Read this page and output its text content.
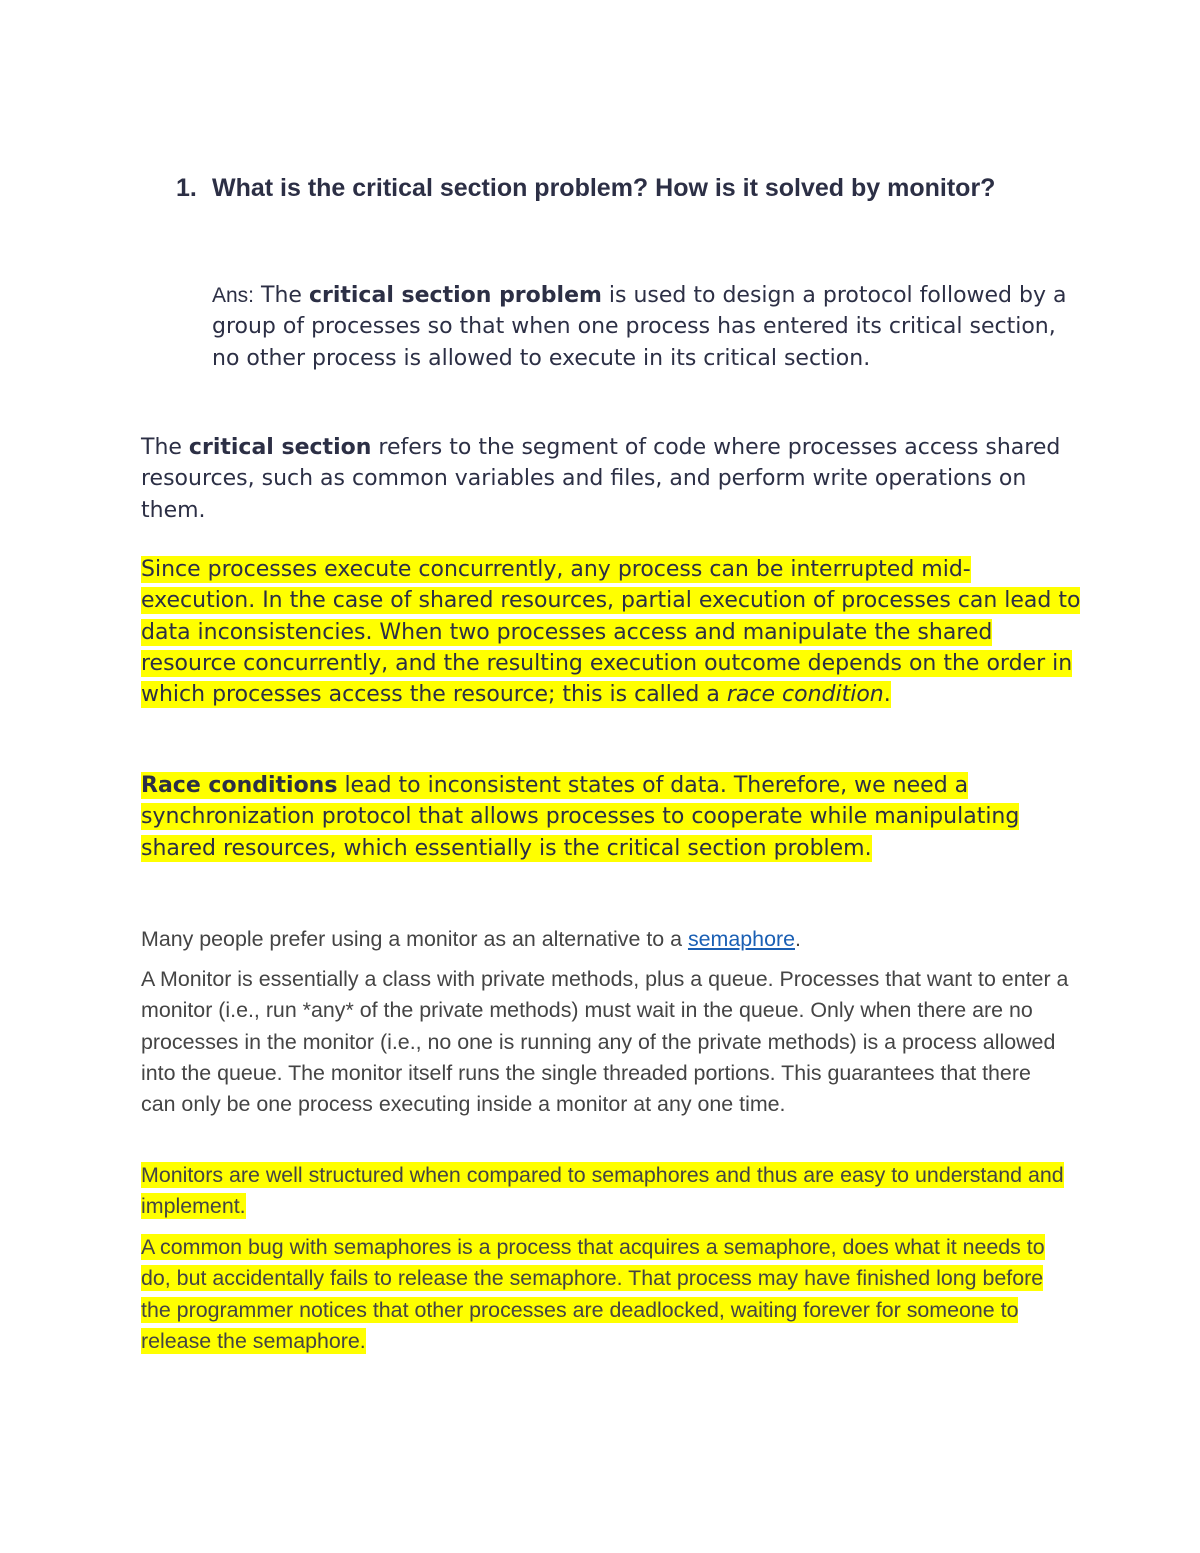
1. What is the critical section problem? How is it solved by monitor?

Ans: The critical section problem is used to design a protocol followed by a group of processes so that when one process has entered its critical section, no other process is allowed to execute in its critical section.

The critical section refers to the segment of code where processes access shared resources, such as common variables and files, and perform write operations on them.

Since processes execute concurrently, any process can be interrupted mid-execution. In the case of shared resources, partial execution of processes can lead to data inconsistencies. When two processes access and manipulate the shared resource concurrently, and the resulting execution outcome depends on the order in which processes access the resource; this is called a race condition.

Race conditions lead to inconsistent states of data. Therefore, we need a synchronization protocol that allows processes to cooperate while manipulating shared resources, which essentially is the critical section problem.

Many people prefer using a monitor as an alternative to a semaphore.

A Monitor is essentially a class with private methods, plus a queue. Processes that want to enter a monitor (i.e., run *any* of the private methods) must wait in the queue. Only when there are no processes in the monitor (i.e., no one is running any of the private methods) is a process allowed into the queue. The monitor itself runs the single threaded portions. This guarantees that there can only be one process executing inside a monitor at any one time.

Monitors are well structured when compared to semaphores and thus are easy to understand and implement.

A common bug with semaphores is a process that acquires a semaphore, does what it needs to do, but accidentally fails to release the semaphore. That process may have finished long before the programmer notices that other processes are deadlocked, waiting forever for someone to release the semaphore.
